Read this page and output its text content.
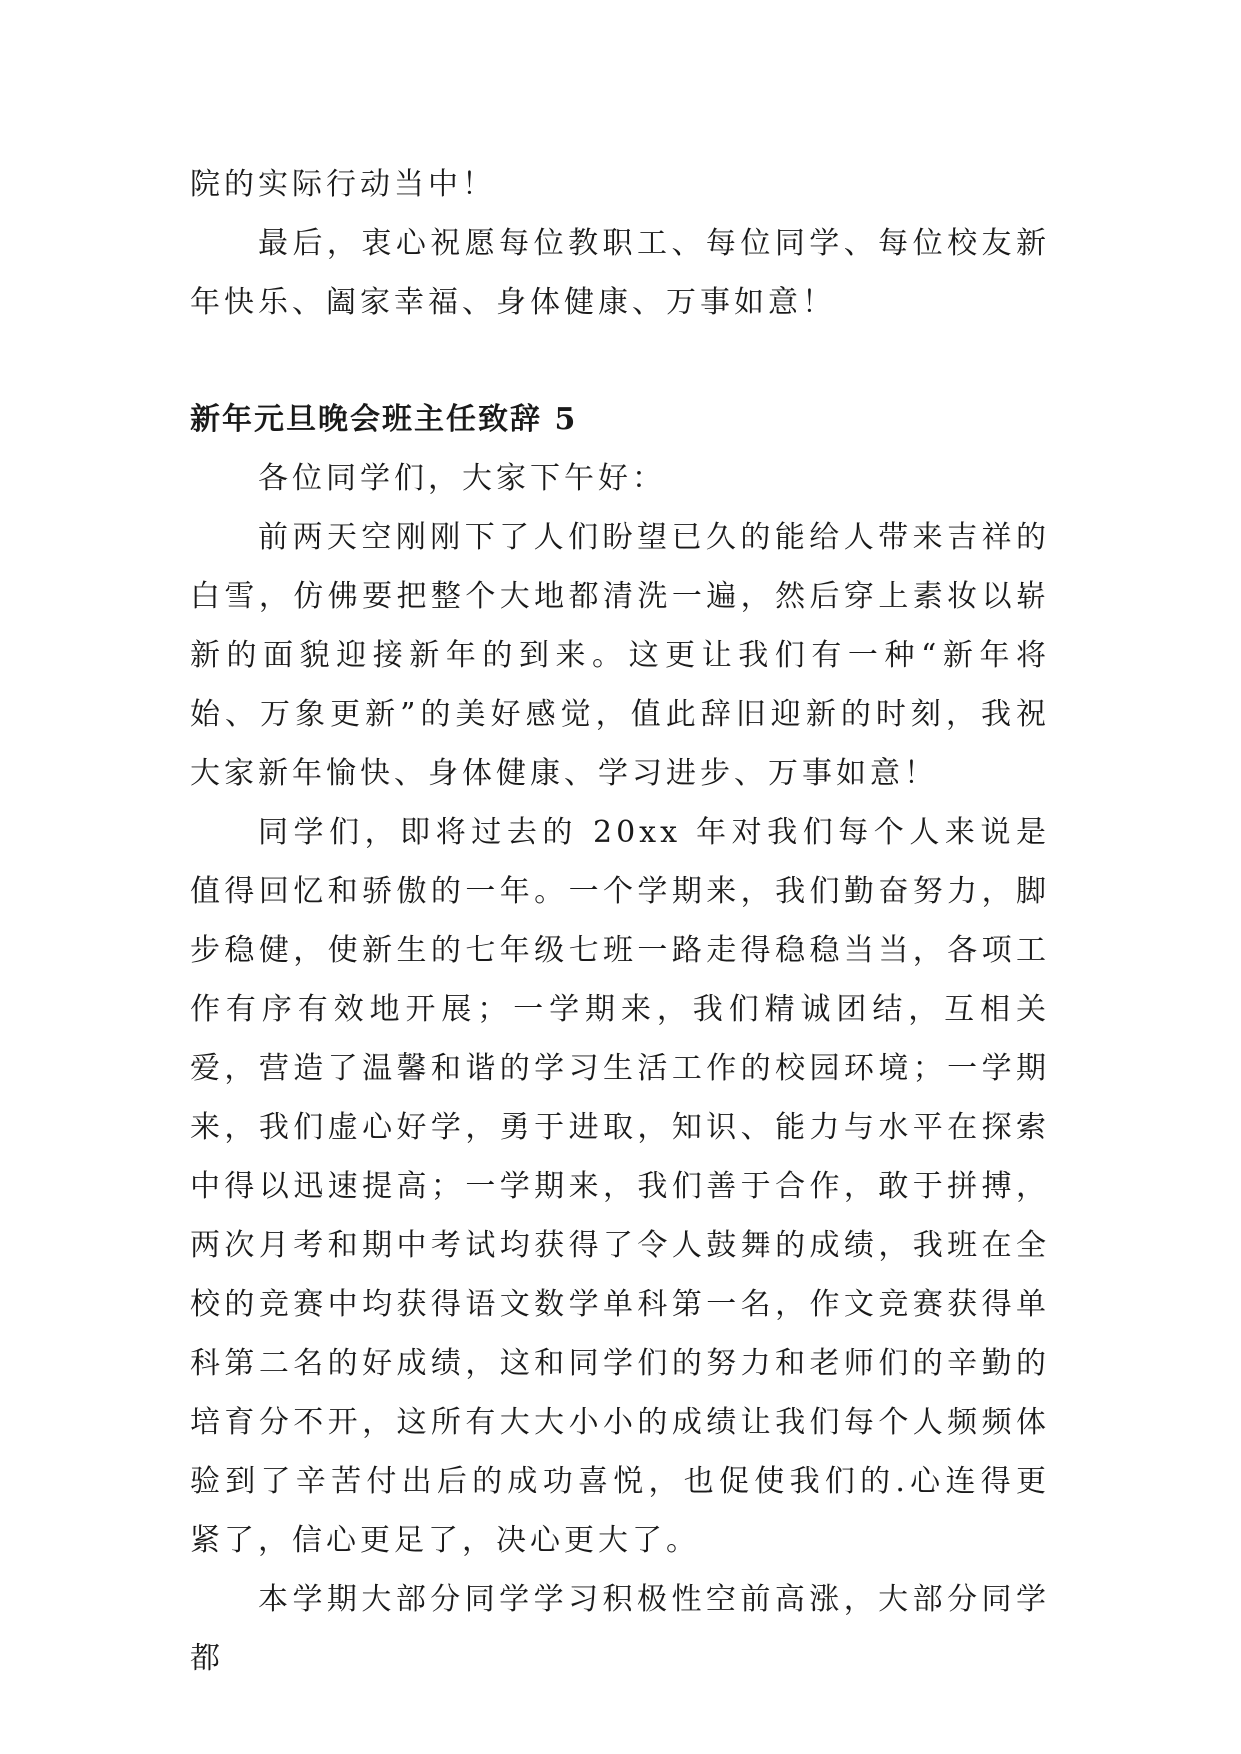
院的实际行动当中！

最后，衷心祝愿每位教职工、每位同学、每位校友新年快乐、阖家幸福、身体健康、万事如意！

新年元旦晚会班主任致辞 5

各位同学们，大家下午好：

前两天空刚刚下了人们盼望已久的能给人带来吉祥的白雪，仿佛要把整个大地都清洗一遍，然后穿上素妆以崭新的面貌迎接新年的到来。这更让我们有一种“新年将始、万象更新”的美好感觉，值此辞旧迎新的时刻，我祝大家新年愉快、身体健康、学习进步、万事如意！

同学们，即将过去的 20xx 年对我们每个人来说是值得回忆和骄傲的一年。一个学期来，我们勤奋努力，脚步稳健，使新生的七年级七班一路走得稳稳当当，各项工作有序有效地开展；一学期来，我们精诚团结，互相关爱，营造了温馨和谐的学习生活工作的校园环境；一学期来，我们虚心好学，勇于进取，知识、能力与水平在探索中得以迅速提高；一学期来，我们善于合作，敢于拼搏，两次月考和期中考试均获得了令人鼓舞的成绩，我班在全校的竞赛中均获得语文数学单科第一名，作文竞赛获得单科第二名的好成绩，这和同学们的努力和老师们的辛勤的培育分不开，这所有大大小小的成绩让我们每个人频频体验到了辛苦付出后的成功喜悦，也促使我们的.心连得更紧了，信心更足了，决心更大了。

本学期大部分同学学习积极性空前高涨，大部分同学都
